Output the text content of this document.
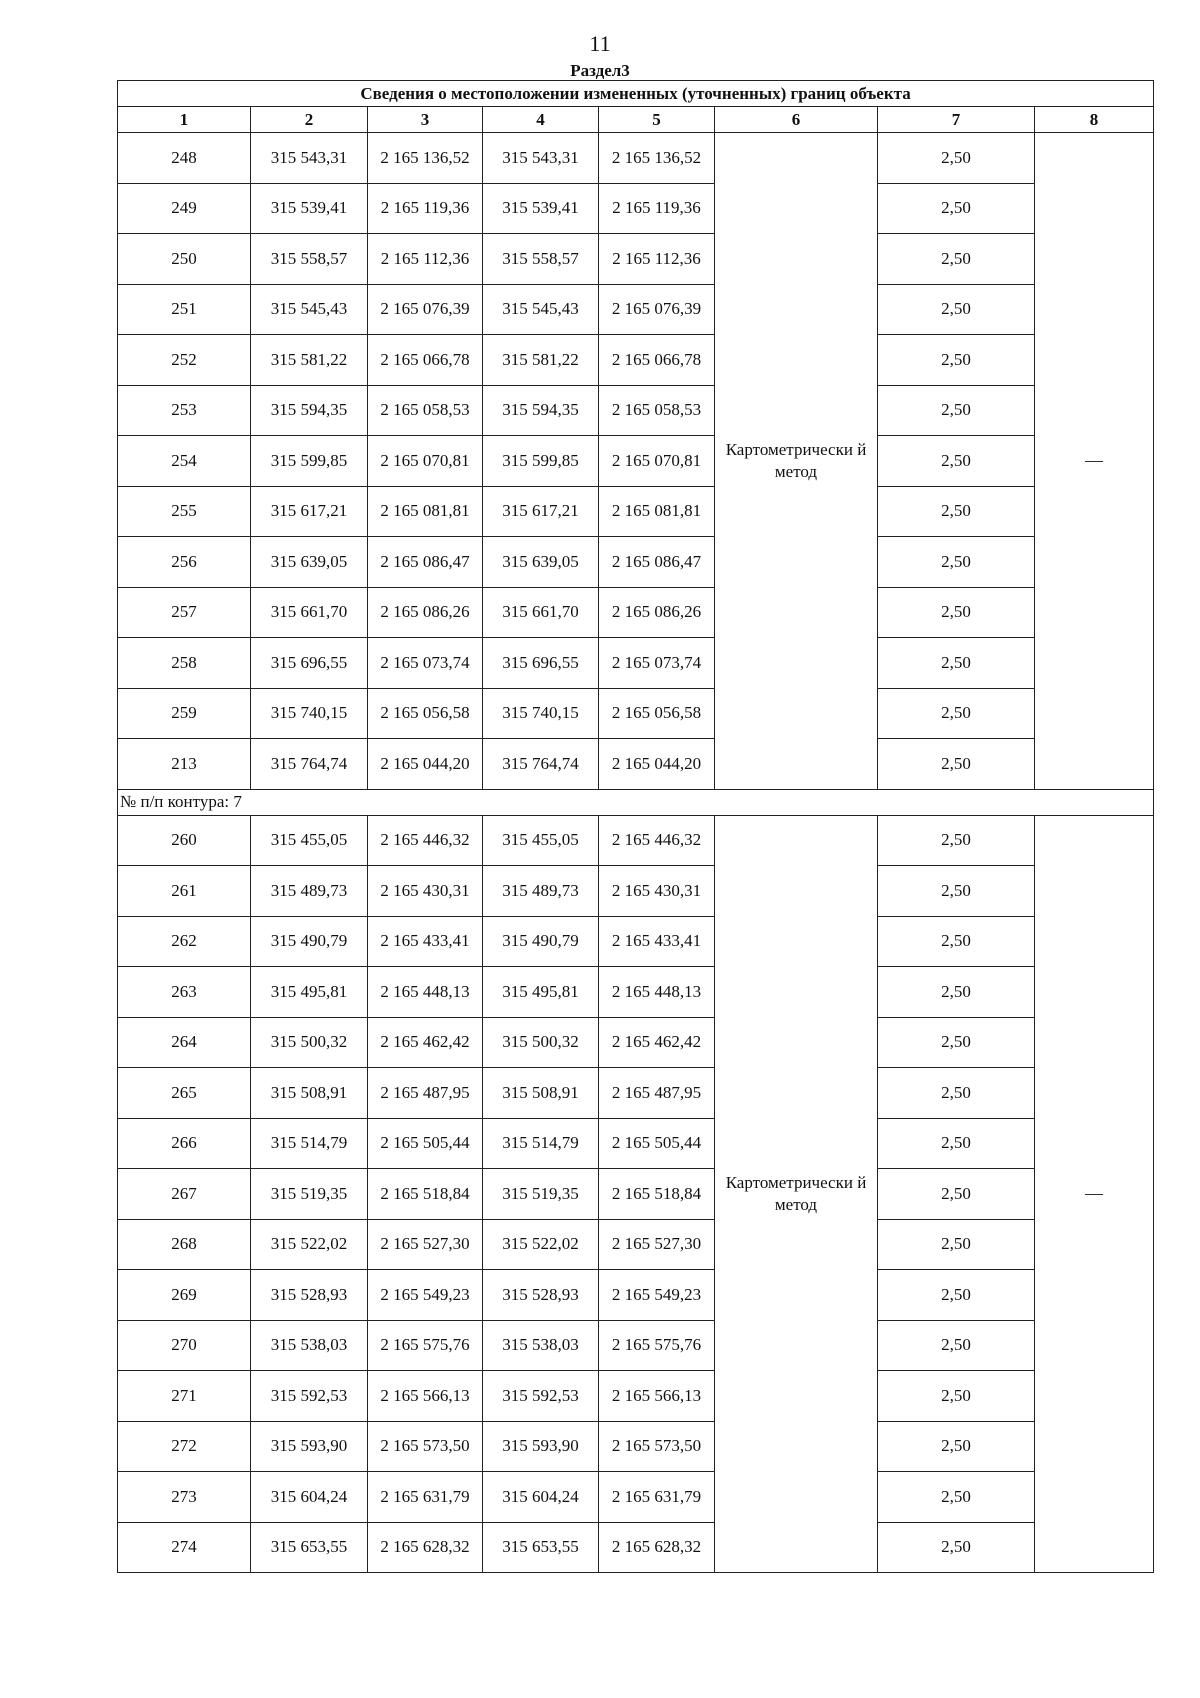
11
Раздел3
Сведения о местоположении измененных (уточненных) границ объекта							
1	2	3	4	5	6	7	8
248	315 543,31	2 165 136,52	315 543,31	2 165 136,52	Картометрически й метод	2,50	—
249	315 539,41	2 165 119,36	315 539,41	2 165 119,36		2,50	
250	315 558,57	2 165 112,36	315 558,57	2 165 112,36		2,50	
251	315 545,43	2 165 076,39	315 545,43	2 165 076,39		2,50	
252	315 581,22	2 165 066,78	315 581,22	2 165 066,78		2,50	
253	315 594,35	2 165 058,53	315 594,35	2 165 058,53		2,50	
254	315 599,85	2 165 070,81	315 599,85	2 165 070,81		2,50	
255	315 617,21	2 165 081,81	315 617,21	2 165 081,81		2,50	
256	315 639,05	2 165 086,47	315 639,05	2 165 086,47		2,50	
257	315 661,70	2 165 086,26	315 661,70	2 165 086,26		2,50	
258	315 696,55	2 165 073,74	315 696,55	2 165 073,74		2,50	
259	315 740,15	2 165 056,58	315 740,15	2 165 056,58		2,50	
213	315 764,74	2 165 044,20	315 764,74	2 165 044,20		2,50	
№ п/п контура: 7							
260	315 455,05	2 165 446,32	315 455,05	2 165 446,32	Картометрически й метод	2,50	—
261	315 489,73	2 165 430,31	315 489,73	2 165 430,31		2,50	
262	315 490,79	2 165 433,41	315 490,79	2 165 433,41		2,50	
263	315 495,81	2 165 448,13	315 495,81	2 165 448,13		2,50	
264	315 500,32	2 165 462,42	315 500,32	2 165 462,42		2,50	
265	315 508,91	2 165 487,95	315 508,91	2 165 487,95		2,50	
266	315 514,79	2 165 505,44	315 514,79	2 165 505,44		2,50	
267	315 519,35	2 165 518,84	315 519,35	2 165 518,84		2,50	
268	315 522,02	2 165 527,30	315 522,02	2 165 527,30		2,50	
269	315 528,93	2 165 549,23	315 528,93	2 165 549,23		2,50	
270	315 538,03	2 165 575,76	315 538,03	2 165 575,76		2,50	
271	315 592,53	2 165 566,13	315 592,53	2 165 566,13		2,50	
272	315 593,90	2 165 573,50	315 593,90	2 165 573,50		2,50	
273	315 604,24	2 165 631,79	315 604,24	2 165 631,79		2,50	
274	315 653,55	2 165 628,32	315 653,55	2 165 628,32		2,50	
